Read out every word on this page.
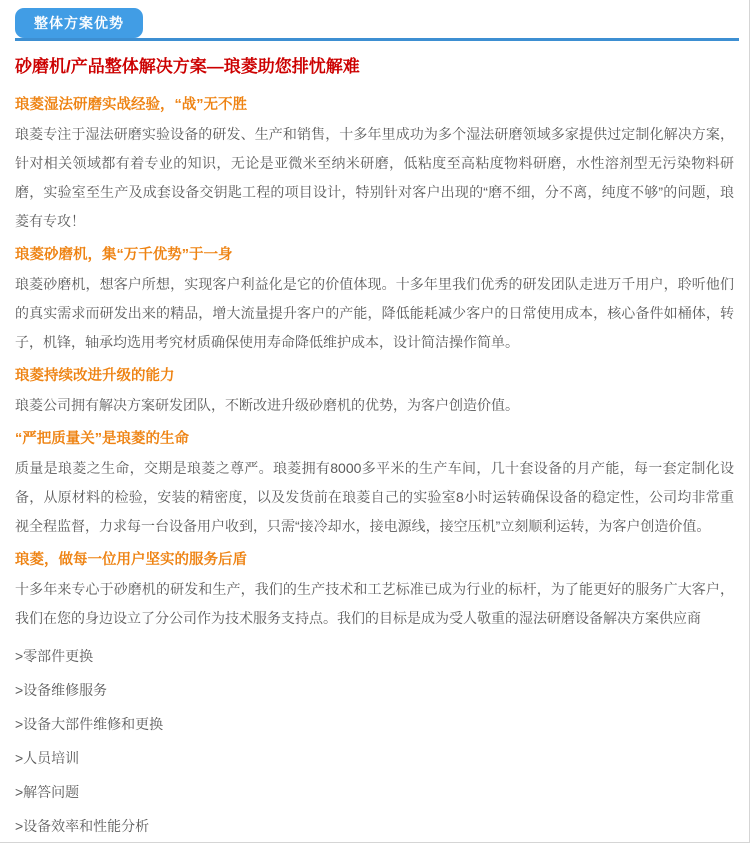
整体方案优势
砂磨机/产品整体解决方案—琅菱助您排忧解难
琅菱湿法研磨实战经验，“战”无不胜

琅菱专注于湿法研磨实验设备的研发、生产和销售，十多年里成功为多个湿法研磨领域多家提供过定制化解决方案，针对相关领域都有着专业的知识，无论是亚微米至纳米研磨，低粘度至高粘度物料研磨，水性溶剂型无污染物料研磨，实验室至生产及成套设备交钥匙工程的项目设计，特别针对客户出现的“磨不细，分不离，纯度不够”的问题，琅菱有专攻！

琅菱砂磨机，集“万千优势”于一身

琅菱砂磨机，想客户所想，实现客户利益化是它的价值体现。十多年里我们优秀的研发团队走进万千用户，聆听他们的真实需求而研发出来的精品，增大流量提升客户的产能，降低能耗减少客户的日常使用成本，核心备件如桶体，转子，机锋，轴承均选用考究材质确保使用寿命降低维护成本，设计简洁操作简单。

琅菱持续改进升级的能力

琅菱公司拥有解决方案研发团队，不断改进升级砂磨机的优势，为客户创造价值。

“严把质量关”是琅菱的生命

质量是琅菱之生命，交期是琅菱之尊严。琅菱拥有8000多平米的生产车间，几十套设备的月产能，每一套定制化设备，从原材料的检验，安装的精密度，以及发货前在琅菱自己的实验室8小时运转确保设备的稳定性，公司均非常重视全程监督，力求每一台设备用户收到，只需“接冷却水，接电源线，接空压机”立刻顺利运转，为客户创造价值。

琅菱，做每一位用户坚实的服务后盾

十多年来专心于砂磨机的研发和生产，我们的生产技术和工艺标准已成为行业的标杆，为了能更好的服务广大客户，我们在您的身边设立了分公司作为技术服务支持点。我们的目标是成为受人敬重的湿法研磨设备解决方案供应商

>零部件更换
>设备维修服务
>设备大部件维修和更换
>人员培训
>解答问题
>设备效率和性能分析
